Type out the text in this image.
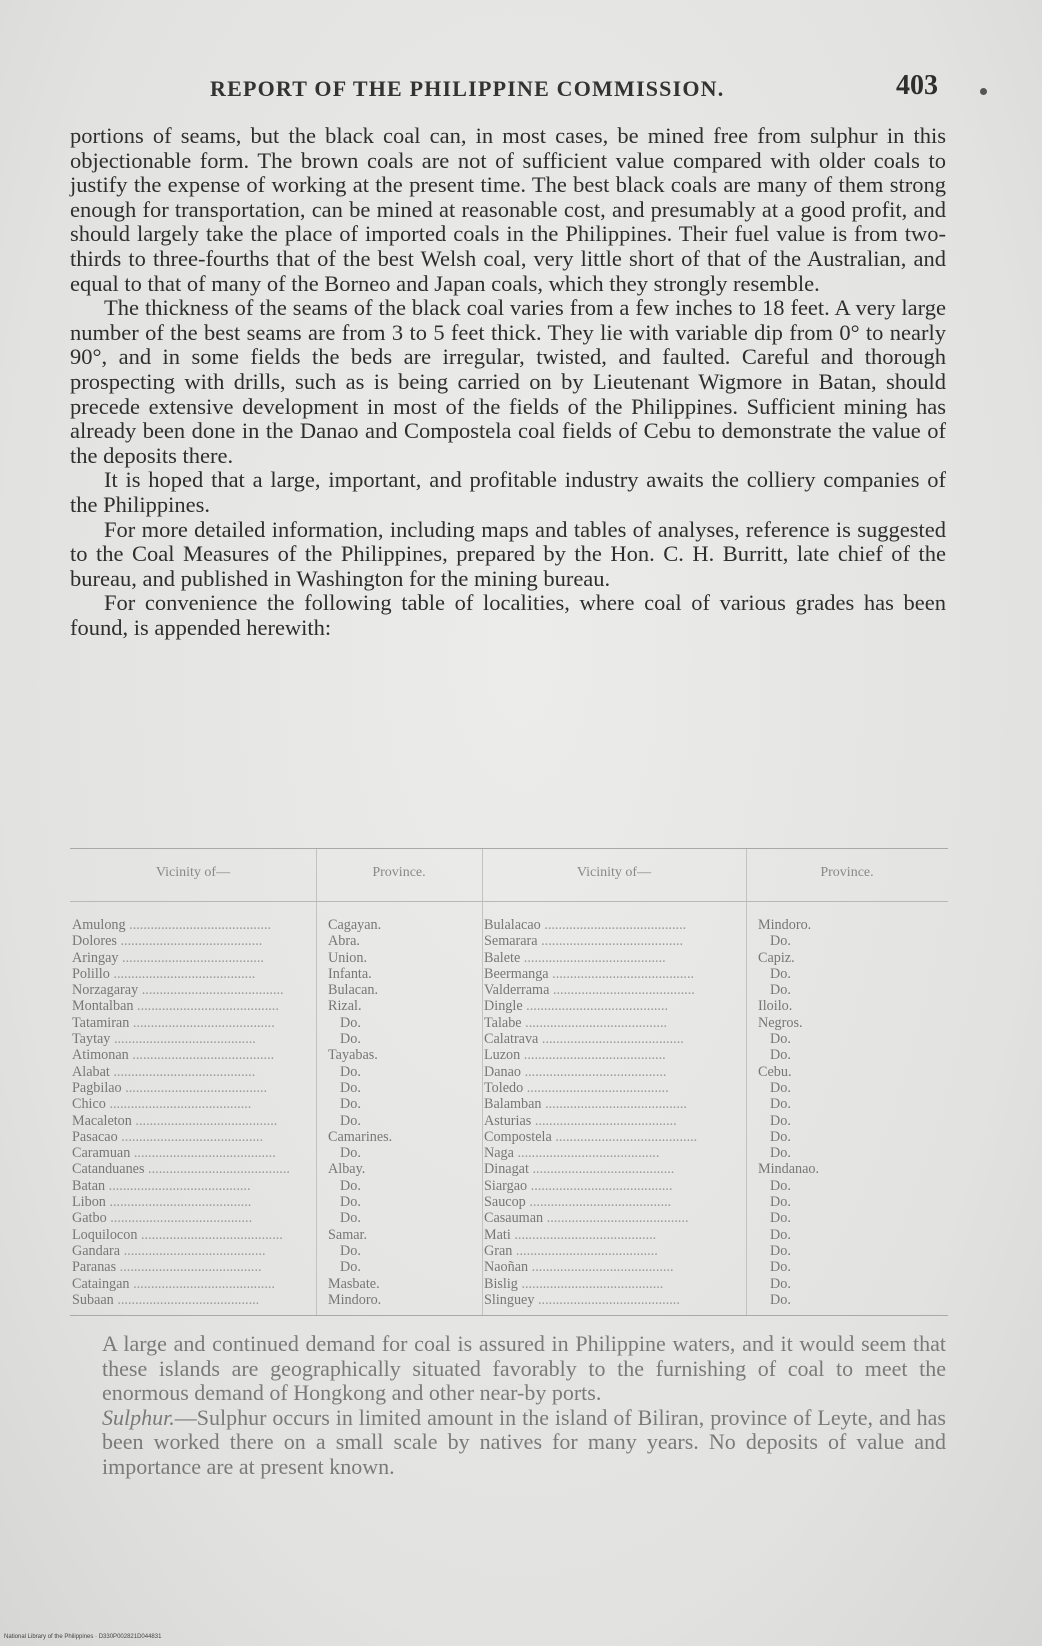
REPORT OF THE PHILIPPINE COMMISSION.	403

portions of seams, but the black coal can, in most cases, be mined free from sulphur in this objectionable form. The brown coals are not of sufficient value compared with older coals to justify the expense of working at the present time. The best black coals are many of them strong enough for transportation, can be mined at reasonable cost, and presumably at a good profit, and should largely take the place of imported coals in the Philippines. Their fuel value is from two-thirds to three-fourths that of the best Welsh coal, very little short of that of the Australian, and equal to that of many of the Borneo and Japan coals, which they strongly resemble.

The thickness of the seams of the black coal varies from a few inches to 18 feet. A very large number of the best seams are from 3 to 5 feet thick. They lie with variable dip from 0° to nearly 90°, and in some fields the beds are irregular, twisted, and faulted. Careful and thorough prospecting with drills, such as is being carried on by Lieutenant Wigmore in Batan, should precede extensive development in most of the fields of the Philippines. Sufficient mining has already been done in the Danao and Compostela coal fields of Cebu to demonstrate the value of the deposits there.

It is hoped that a large, important, and profitable industry awaits the colliery companies of the Philippines.

For more detailed information, including maps and tables of analyses, reference is suggested to the Coal Measures of the Philippines, prepared by the Hon. C. H. Burritt, late chief of the bureau, and published in Washington for the mining bureau.

For convenience the following table of localities, where coal of various grades has been found, is appended herewith:

Vicinity of—
Amulong ........................................
Dolores ........................................
Aringay ........................................
Polillo ........................................
Norzagaray ........................................
Montalban ........................................
Tatamiran ........................................
Taytay ........................................
Atimonan ........................................
Alabat ........................................
Pagbilao ........................................
Chico ........................................
Macaleton ........................................
Pasacao ........................................
Caramuan ........................................
Catanduanes ........................................
Batan ........................................
Libon ........................................
Gatbo ........................................
Loquilocon ........................................
Gandara ........................................
Paranas ........................................
Cataingan ........................................
Subaan ........................................
Province.
Cagayan.
Abra.
Union.
Infanta.
Bulacan.
Rizal.
Do.
Do.
Tayabas.
Do.
Do.
Do.
Do.
Camarines.
Do.
Albay.
Do.
Do.
Do.
Samar.
Do.
Do.
Masbate.
Mindoro.
Vicinity of—
Bulalacao ........................................
Semarara ........................................
Balete ........................................
Beermanga ........................................
Valderrama ........................................
Dingle ........................................
Talabe ........................................
Calatrava ........................................
Luzon ........................................
Danao ........................................
Toledo ........................................
Balamban ........................................
Asturias ........................................
Compostela ........................................
Naga ........................................
Dinagat ........................................
Siargao ........................................
Saucop ........................................
Casauman ........................................
Mati ........................................
Gran ........................................
Naoñan ........................................
Bislig ........................................
Slinguey ........................................
Province.
Mindoro.
Do.
Capiz.
Do.
Do.
Iloilo.
Negros.
Do.
Do.
Cebu.
Do.
Do.
Do.
Do.
Do.
Mindanao.
Do.
Do.
Do.
Do.
Do.
Do.
Do.
Do.

A large and continued demand for coal is assured in Philippine waters, and it would seem that these islands are geographically situated favorably to the furnishing of coal to meet the enormous demand of Hongkong and other near-by ports.

Sulphur.—Sulphur occurs in limited amount in the island of Biliran, province of Leyte, and has been worked there on a small scale by natives for many years. No deposits of value and importance are at present known.

National Library of the Philippines · D330P002821D044831
